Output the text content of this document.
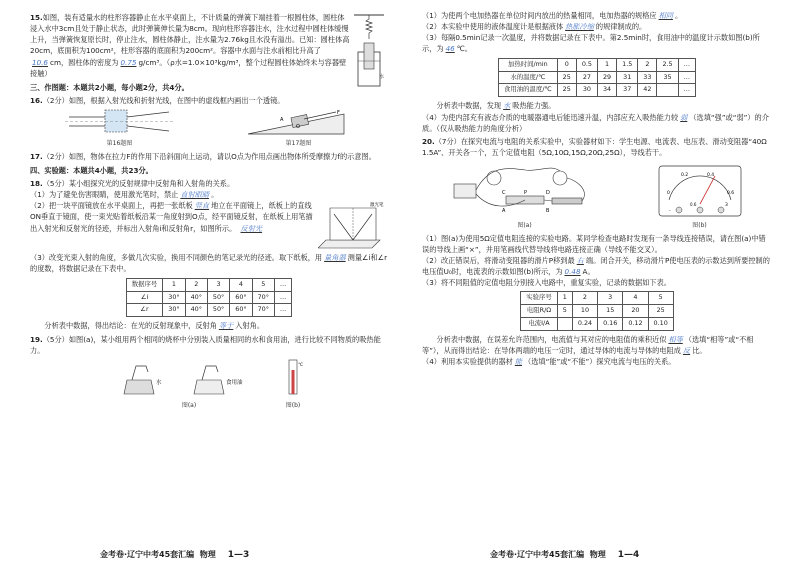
15.如图，装有适量水的柱形容器静止在水平桌面上，不计质量的弹簧下端挂着一根圆柱体，圆柱体浸入水中3cm且处于静止状态，此时弹簧伸长量为8cm。现向柱形容器注水，注水过程中圆柱体缓慢上升，当弹簧恢复原长时，停止注水，圆柱体静止，注水量为2.76kg且水没有溢出。已知：圆柱体高20cm，底面积为100cm²，柱形容器的底面积为200cm²。容器中水面与注水前相比升高了10.6 cm，圆柱体的密度为 0.75 g/cm³。（ρ水=1.0×10³kg/m³，整个过程圆柱体始终未与容器壁接触）	水

三、作图题：本题共2小题，每小题2分，共4分。

16.（2分）如图，根据入射光线和折射光线，在图中的虚线框内画出一个透镜。

第16题图
F
O
A
第17题图

17.（2分）如图，物体在拉力F的作用下沿斜面向上运动，请以O点为作用点画出物体所受摩擦力f的示意图。

四、实验题：本题共4小题，共23分。

18.（5分）某小组探究光的反射规律中反射角和入射角的关系。

（1）为了避免伤害眼睛，使用激光笔时，禁止 直射眼睛 。

（2）把一块平面镜放在水平桌面上，再把一张纸板 竖直 地立在平面镜上，纸板上的直线ON垂直于镜面，使一束光贴着纸板沿某一角度射到O点，经平面镜反射，在纸板上用笔描出入射光和反射光的径迹，并标出入射角i和反射角r，如图所示。 反射光

激光笔

（3）改变光束入射的角度，多做几次实验，换用不同颜色的笔记录光的径迹。取下纸板，用 量角器 测量∠i和∠r的度数，将数据记录在下表中。

数据序号	1	2	3	4	5	…
∠i	30°	40°	50°	60°	70°	…
∠r	30°	40°	50°	60°	70°	…

分析表中数据，得出结论：在光的反射现象中，反射角 等于 入射角。

19.（5分）如图(a)，某小组用两个相同的烧杯中分别装入质量相同的水和食用油，进行比较不同物质的吸热能力。

水	食用油
图(a)
℃
图(b)
金考卷·辽宁中考45套汇编 物理 1—3

（1）为使两个电加热器在单位时间内放出的热量相同，电加热器的规格应 相同 。

（2）本实验中使用的液体温度计是根据液体 热胀冷缩 的规律制成的。

（3）每隔0.5min记录一次温度，并将数据记录在下表中。第2.5min时，食用油中的温度计示数如图(b)所示，为 46 ℃。

加热时间/min	0	0.5	1	1.5	2	2.5	…
水的温度/℃	25	27	29	31	33	35	…
食用油的温度/℃	25	30	34	37	42		…

分析表中数据，发现 水 吸热能力强。

（4）为使内部充有液态介质的电暖器通电后能迅速升温，内部应充入吸热能力较 弱 （选填“强”或“弱”）的介质。（仅从吸热能力的角度分析）

20.（7分）在探究电流与电阻的关系实验中，实验器材如下：学生电源、电流表、电压表、滑动变阻器“40Ω 1.5A”、开关各一个，五个定值电阻（5Ω,10Ω,15Ω,20Ω,25Ω），导线若干。

P
A	B
C	D
图(a)
0
0.2	0.4
0.6
-
0.6	3
图(b)

（1）图(a)为使用5Ω定值电阻连接的实验电路。某同学检查电路时发现有一条导线连接错误，请在图(a)中错误的导线上画“×”，并用笔画线代替导线将电路连接正确（导线不能交叉）。

（2）改正错误后，将滑动变阻器的滑片P移到最 右 端。闭合开关，移动滑片P使电压表的示数达到所要控制的电压值U₀时，电流表的示数如图(b)所示，为 0.48 A。

（3）将不同阻值的定值电阻分别接入电路中，重复实验，记录的数据如下表。

实验序号	1	2	3	4	5
电阻R/Ω	5	10	15	20	25
电流I/A		0.24	0.16	0.12	0.10

分析表中数据，在误差允许范围内，电流值与其对应的电阻值的乘积近似 相等 （选填“相等”或“不相等”），从而得出结论：在导体两端的电压一定时，通过导体的电流与导体的电阻成 反 比。

（4）利用本实验提供的器材 能 （选填“能”或“不能”）探究电流与电压的关系。

金考卷·辽宁中考45套汇编 物理 1—4
